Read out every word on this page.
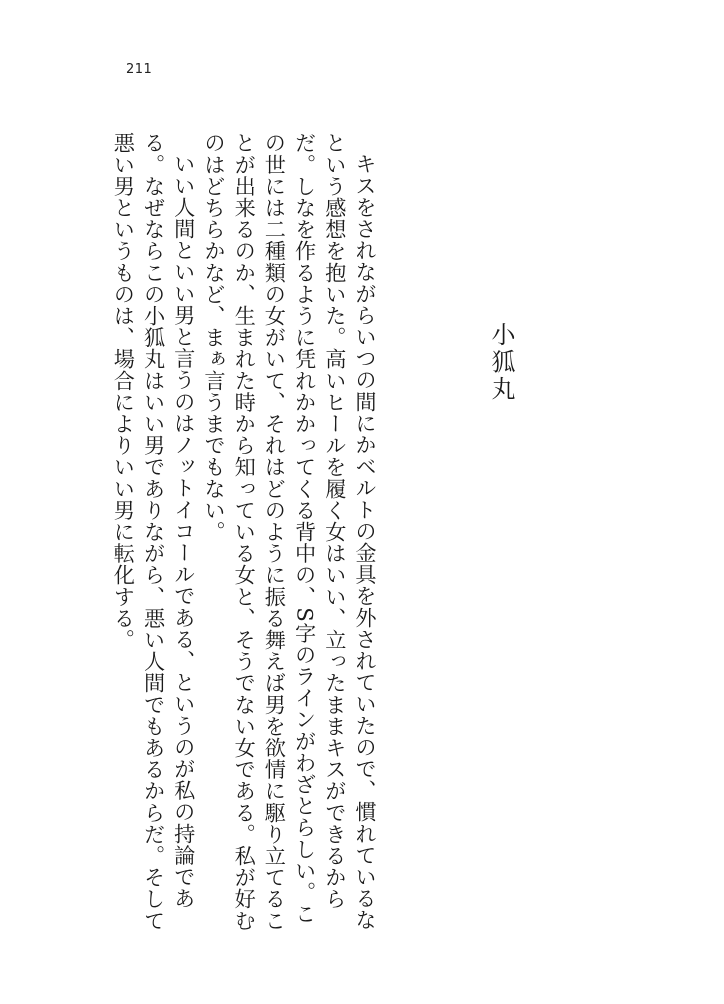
211
小狐丸

キスをされながらいつの間にかベルトの金具を外されていたので、慣れているなという感想を抱いた。高いヒールを履く女はいい、立ったままキスができるからだ。しなを作るように凭れかかってくる背中の、S字のラインがわざとらしい。この世には二種類の女がいて、それはどのように振る舞えば男を欲情に駆り立てることが出来るのか、生まれた時から知っている女と、そうでない女である。私が好むのはどちらかなど、まぁ言うまでもない。

いい人間といい男と言うのはノットイコールである、というのが私の持論である。なぜならこの小狐丸はいい男でありながら、悪い人間でもあるからだ。そして悪い男というものは、場合によりいい男に転化する。
